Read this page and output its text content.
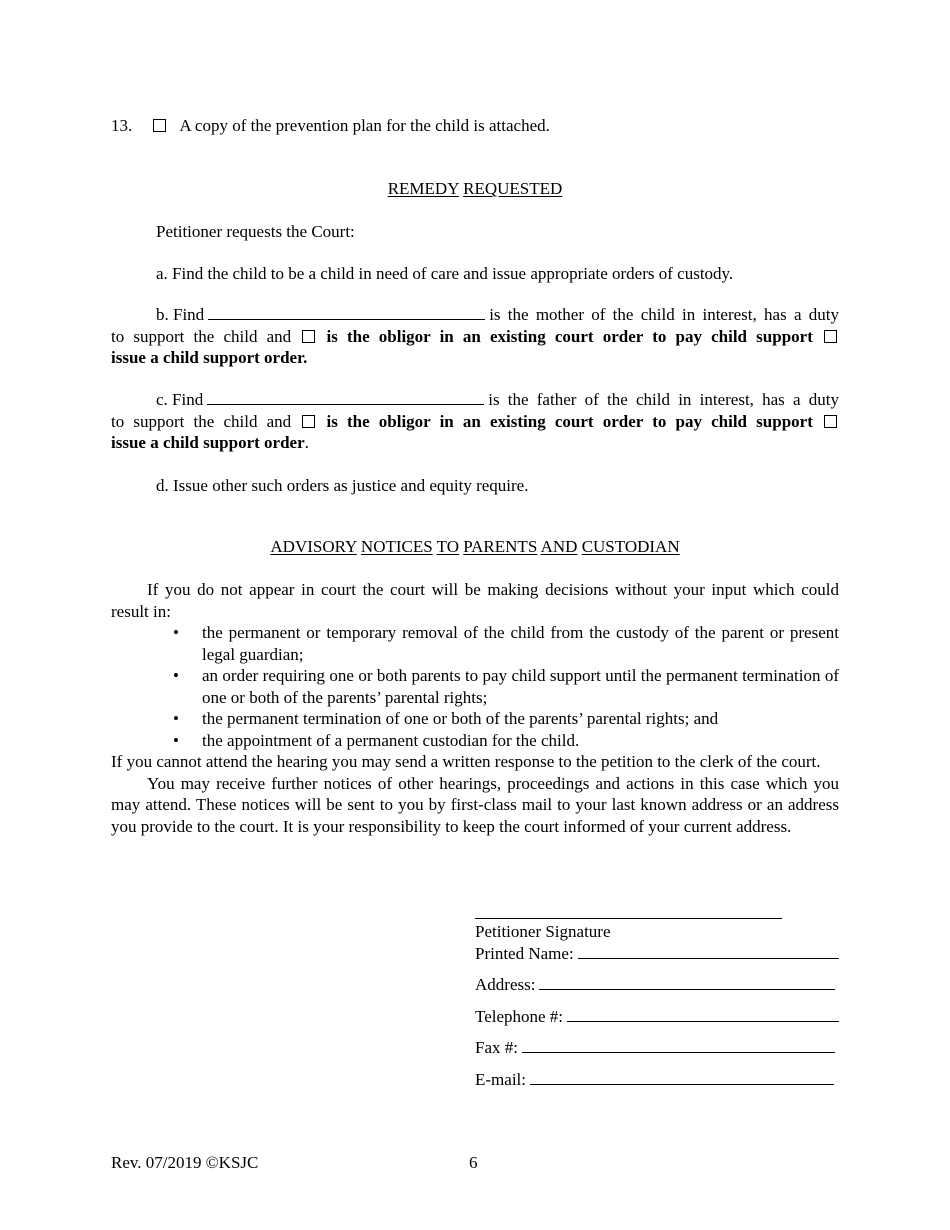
13.	A copy of the prevention plan for the child is attached.
REMEDY REQUESTED
Petitioner requests the Court:
a. Find the child to be a child in need of care and issue appropriate orders of custody.
b. Find	is the mother of the child in interest, has a duty
to support the child and is the obligor in an existing court order to pay child support
issue a child support order.
c. Find	is the father of the child in interest, has a duty
to support the child and is the obligor in an existing court order to pay child support
issue a child support order.
d. Issue other such orders as justice and equity require.
ADVISORY NOTICES TO PARENTS AND CUSTODIAN
If you do not appear in court the court will be making decisions without your input which could result in:
• the permanent or temporary removal of the child from the custody of the parent or present legal guardian;
• an order requiring one or both parents to pay child support until the permanent termination of one or both of the parents’ parental rights;
• the permanent termination of one or both of the parents’ parental rights; and
• the appointment of a permanent custodian for the child.
If you cannot attend the hearing you may send a written response to the petition to the clerk of the court.
You may receive further notices of other hearings, proceedings and actions in this case which you may attend. These notices will be sent to you by first-class mail to your last known address or an address you provide to the court. It is your responsibility to keep the court informed of your current address.
Petitioner Signature
Printed Name:
Address:
Telephone #:
Fax #:
E-mail:
Rev. 07/2019 ©KSJC	6
